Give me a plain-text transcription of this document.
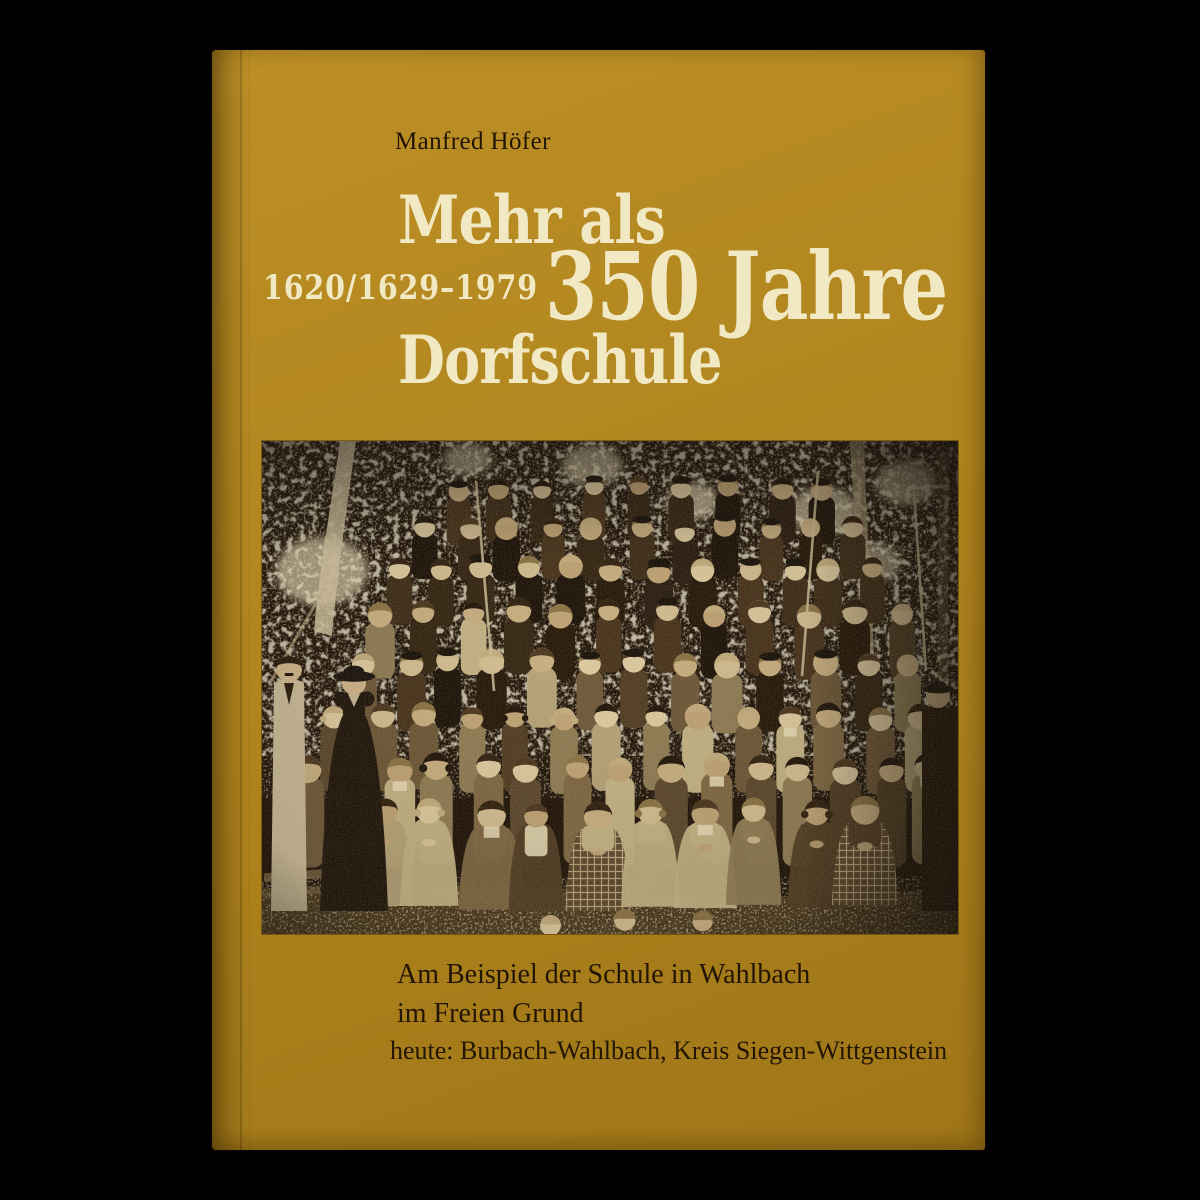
Manfred Höfer
Mehr als
1620/1629–1979 350 Jahre
Dorfschule
Am Beispiel der Schule in Wahlbach
im Freien Grund
heute: Burbach-Wahlbach, Kreis Siegen-Wittgenstein
